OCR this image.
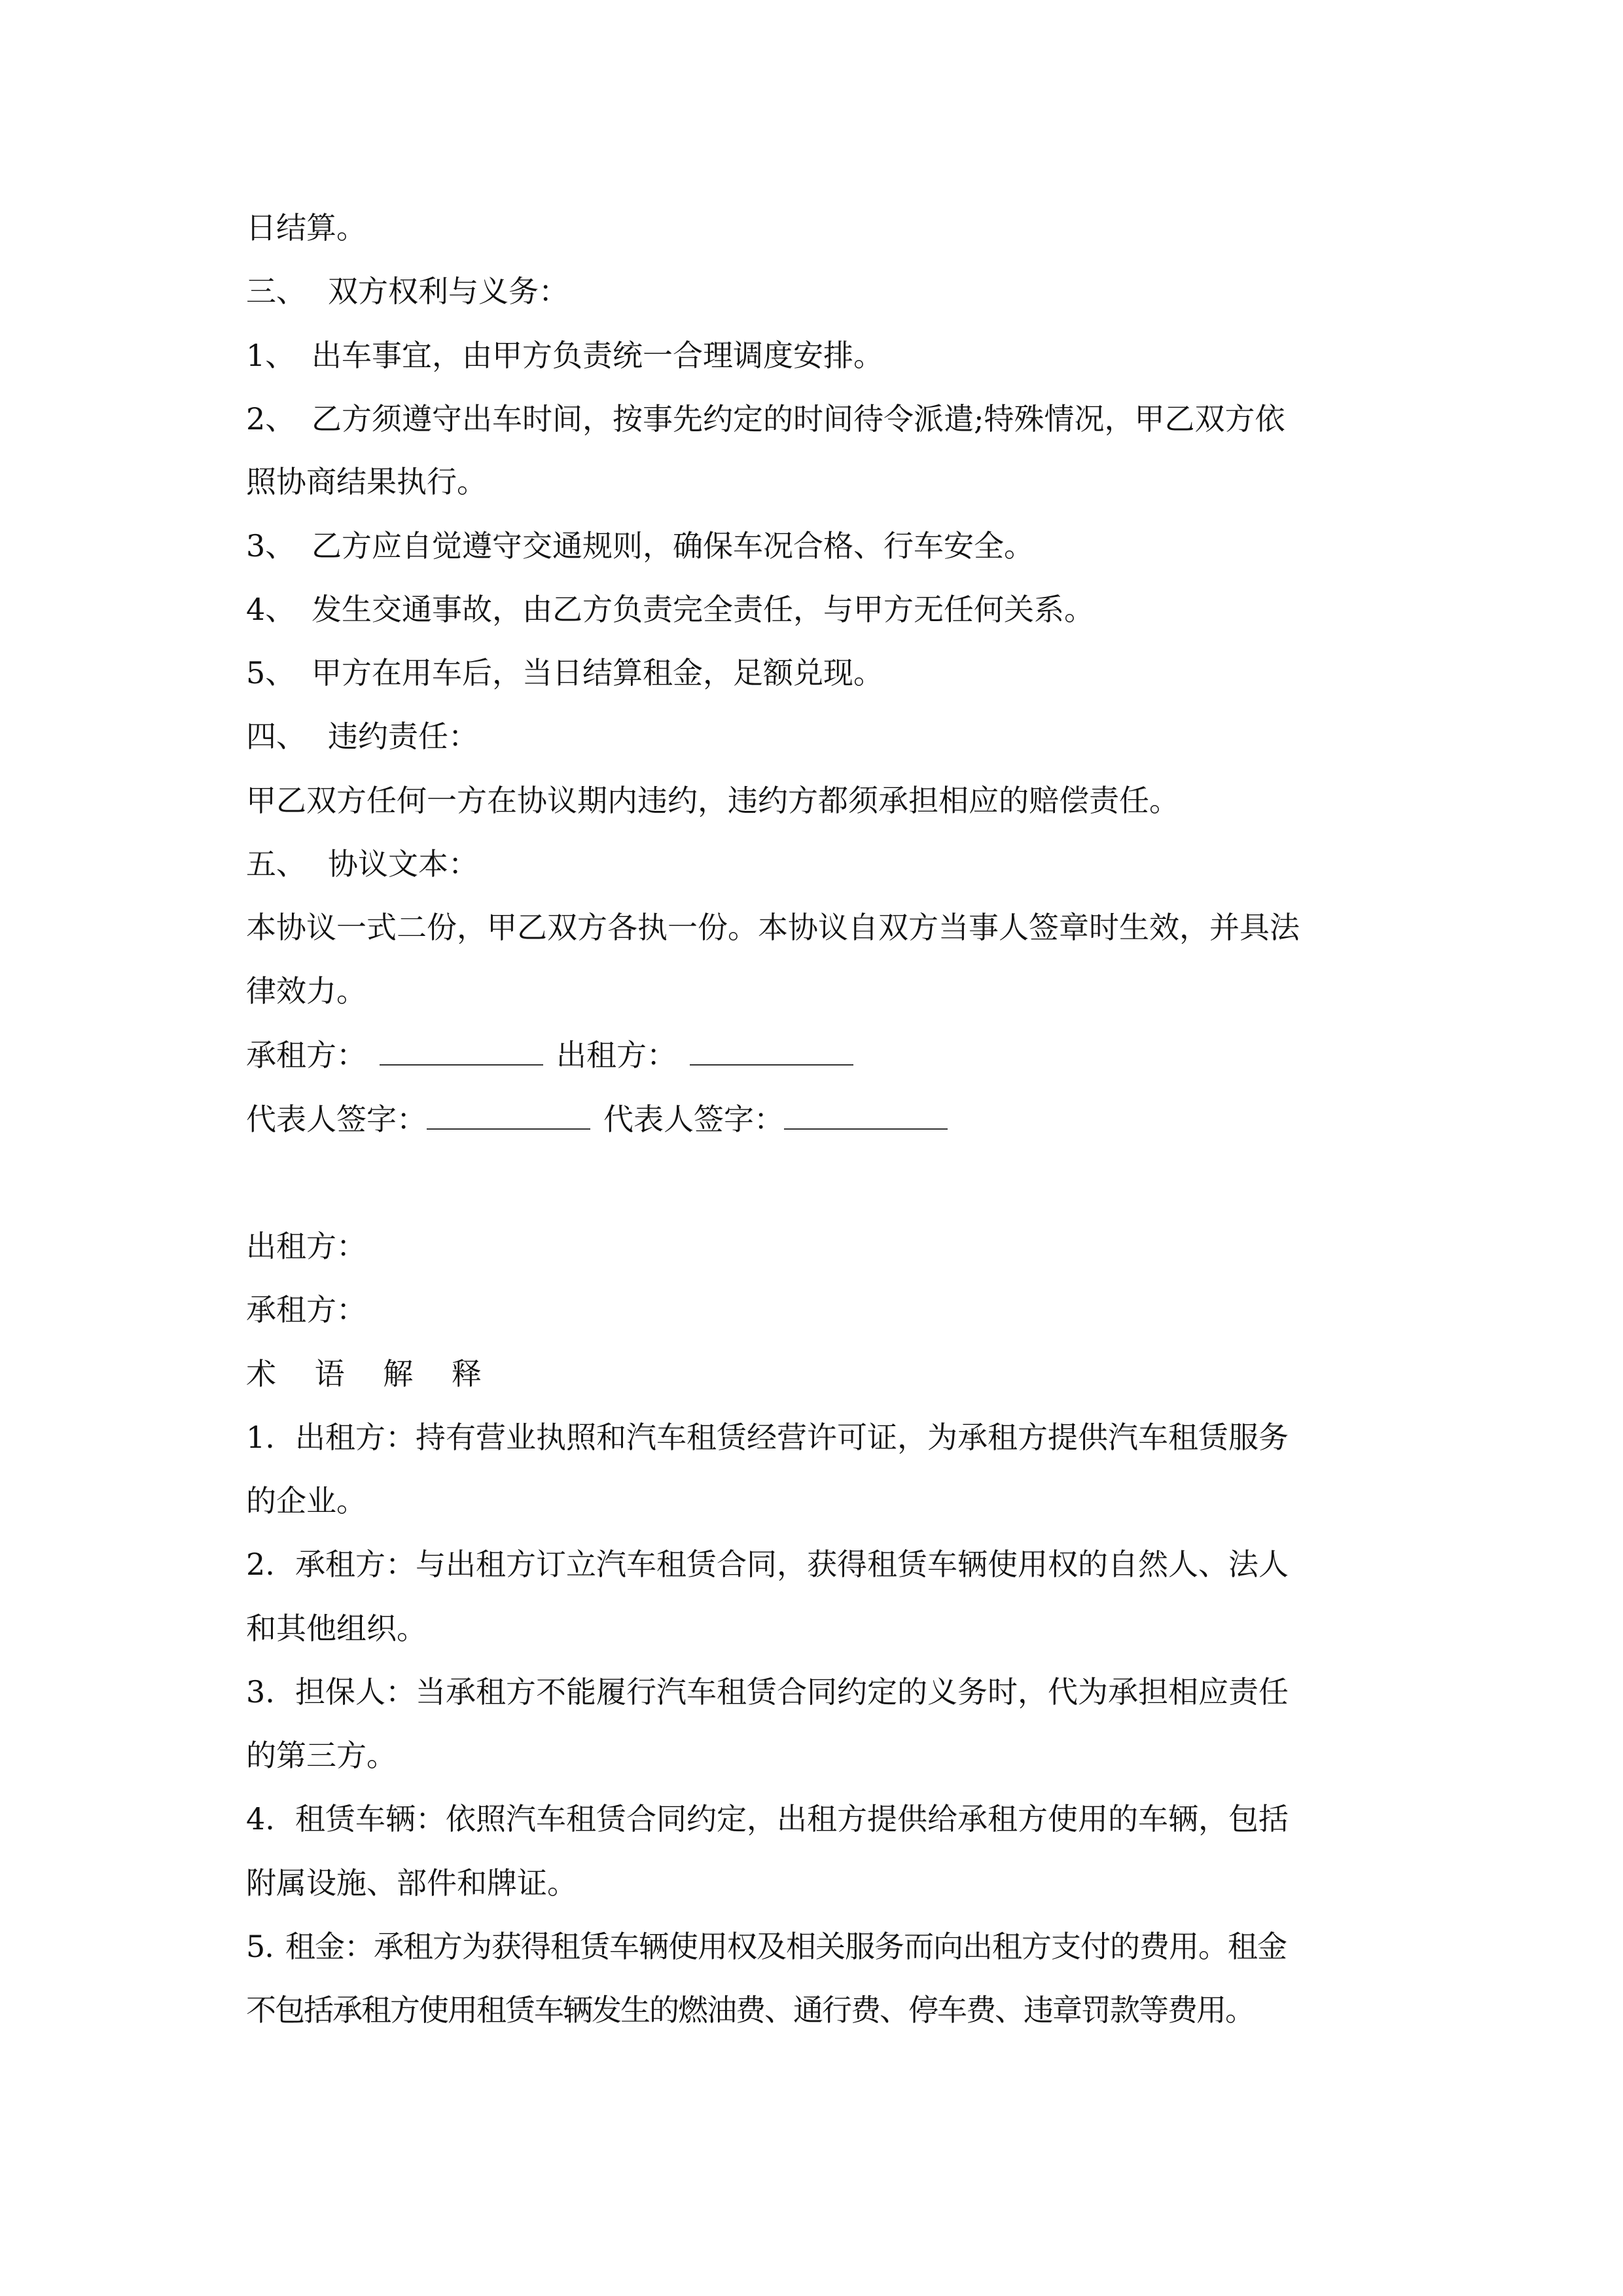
日结算。
三、 双方权利与义务：
1、 出车事宜，由甲方负责统一合理调度安排。
2、 乙方须遵守出车时间，按事先约定的时间待令派遣;特殊情况，甲乙双方依
照协商结果执行。
3、 乙方应自觉遵守交通规则，确保车况合格、行车安全。
4、 发生交通事故，由乙方负责完全责任，与甲方无任何关系。
5、 甲方在用车后，当日结算租金，足额兑现。
四、 违约责任：
甲乙双方任何一方在协议期内违约，违约方都须承担相应的赔偿责任。
五、 协议文本：
本协议一式二份，甲乙双方各执一份。本协议自双方当事人签章时生效，并具法
律效力。
承租方：	出租方：
代表人签字：	代表人签字：
出租方：
承租方：
术 语 解 释
1. 出租方：持有营业执照和汽车租赁经营许可证，为承租方提供汽车租赁服务
的企业。
2. 承租方：与出租方订立汽车租赁合同，获得租赁车辆使用权的自然人、法人
和其他组织。
3. 担保人：当承租方不能履行汽车租赁合同约定的义务时，代为承担相应责任
的第三方。
4. 租赁车辆：依照汽车租赁合同约定，出租方提供给承租方使用的车辆，包括
附属设施、部件和牌证。
5. 租金：承租方为获得租赁车辆使用权及相关服务而向出租方支付的费用。租金
不包括承租方使用租赁车辆发生的燃油费、通行费、停车费、违章罚款等费用。
